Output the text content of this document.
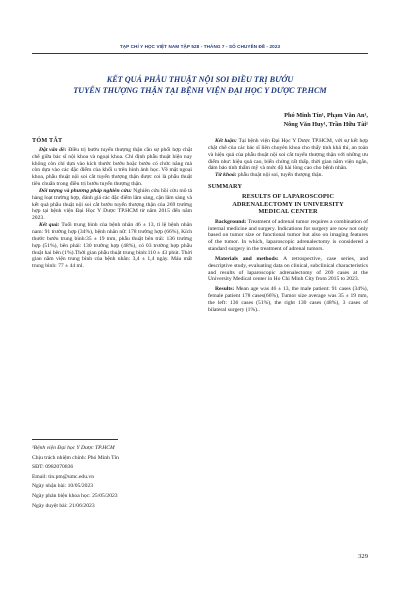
TẠP CHÍ Y HỌC VIỆT NAM TẬP 528 - THÁNG 7 - SỐ CHUYÊN ĐỀ - 2023
KẾT QUẢ PHẪU THUẬT NỘI SOI ĐIỀU TRỊ BƯỚU
TUYẾN THƯỢNG THẬN TẠI BỆNH VIỆN ĐẠI HỌC Y DƯỢC TP.HCM
Phó Minh Tín¹, Phạm Văn An¹,
Nông Văn Huy¹, Trần Hữu Tài¹
TÓM TẮT

Đặt vấn đề: Điều trị bướu tuyến thượng thận cần sự phối hợp chặt chẽ giữa bác sĩ nội khoa và ngoại khoa. Chỉ định phẫu thuật hiện nay không còn chỉ dựa vào kích thước bướu hoặc bướu có chức năng mà còn dựa vào các đặc điểm của khối u trên hình ảnh học. Về mặt ngoại khoa, phẫu thuật nội soi cắt tuyến thượng thận được coi là phẫu thuật tiêu chuẩn trong điều trị bướu tuyến thượng thận.

Đối tượng và phương pháp nghiên cứu: Nghiên cứu hồi cứu mô tả hàng loạt trường hợp, đánh giá các đặc điểm lâm sàng, cận lâm sàng và kết quả phẫu thuật nội soi cắt bướu tuyến thượng thận của 269 trường hợp tại bệnh viện Đại Học Y Dược TP.HCM từ năm 2015 đến năm 2023.

Kết quả: Tuổi trung bình của bệnh nhân 46 ± 13, tỉ lệ bệnh nhân nam: 91 trường hợp (34%), bệnh nhân nữ: 178 trường hợp (66%), Kích thước bướu trung bình:35 ± 19 mm, phẫu thuật bên trái: 136 trường hợp (51%), bên phải: 130 trường hợp (48%), có 03 trường hợp phẫu thuật hai bên (1%).Thời gian phẫu thuật trung bình:110 ± 43 phút. Thời gian nằm viện trung bình của bệnh nhân: 3,4 ± 1,4 ngày. Máu mất trung bình: 77 ± 44 ml.

¹Bệnh viện Đại học Y Dược TP.HCM
Chịu trách nhiệm chính: Phó Minh Tín
SĐT: 0982070836
Email: tin.pm@umc.edu.vn
Ngày nhận bài: 10/05/2023
Ngày phản biện khoa học: 25/05/2023
Ngày duyệt bài: 21/06/2023

Kết luận: Tại bệnh viện Đại Học Y Dược TP.HCM, với sự kết hợp chặt chẽ của các bác sĩ liên chuyên khoa cho thấy tính khả thi, an toàn và hiệu quả của phẫu thuật nội soi cắt tuyến thượng thận với những ưu điểm như: hiệu quả cao, biến chứng rất thấp, thời gian nằm viện ngắn, đảm bảo tính thẩm mỹ và mức độ hài lòng cao cho bệnh nhân.

Từ khoá: phẫu thuật nội soi, tuyến thượng thận.

SUMMARY
RESULTS OF LAPAROSCOPIC
ADRENALECTOMY IN UNIVERSITY
MEDICAL CENTER

Background: Treatment of adrenal tumor requires a combination of internal medicine and surgery. Indications for surgery are now not only based on tumor size or functional tumor but also on imaging features of the tumor. In which, laparoscopic adrenalectomy is considered a standard surgery in the treatment of adrenal tumors.

Materials and methods: A retrospective, case series, and descriptive study, evaluating data on clinical, subclinical characteristics and results of laparoscopic adrenalectomy of 269 cases at the University Medical center in Ho Chi Minh City from 2015 to 2023.

Results: Mean age was 46 ± 13, the male patient: 91 cases (34%), female patient 178 cases(66%), Tumor size average was 35 ± 19 mm, the left: 136 cases (51%), the right 130 cases (48%), 3 cases of bilateral surgery (1%)..

329
